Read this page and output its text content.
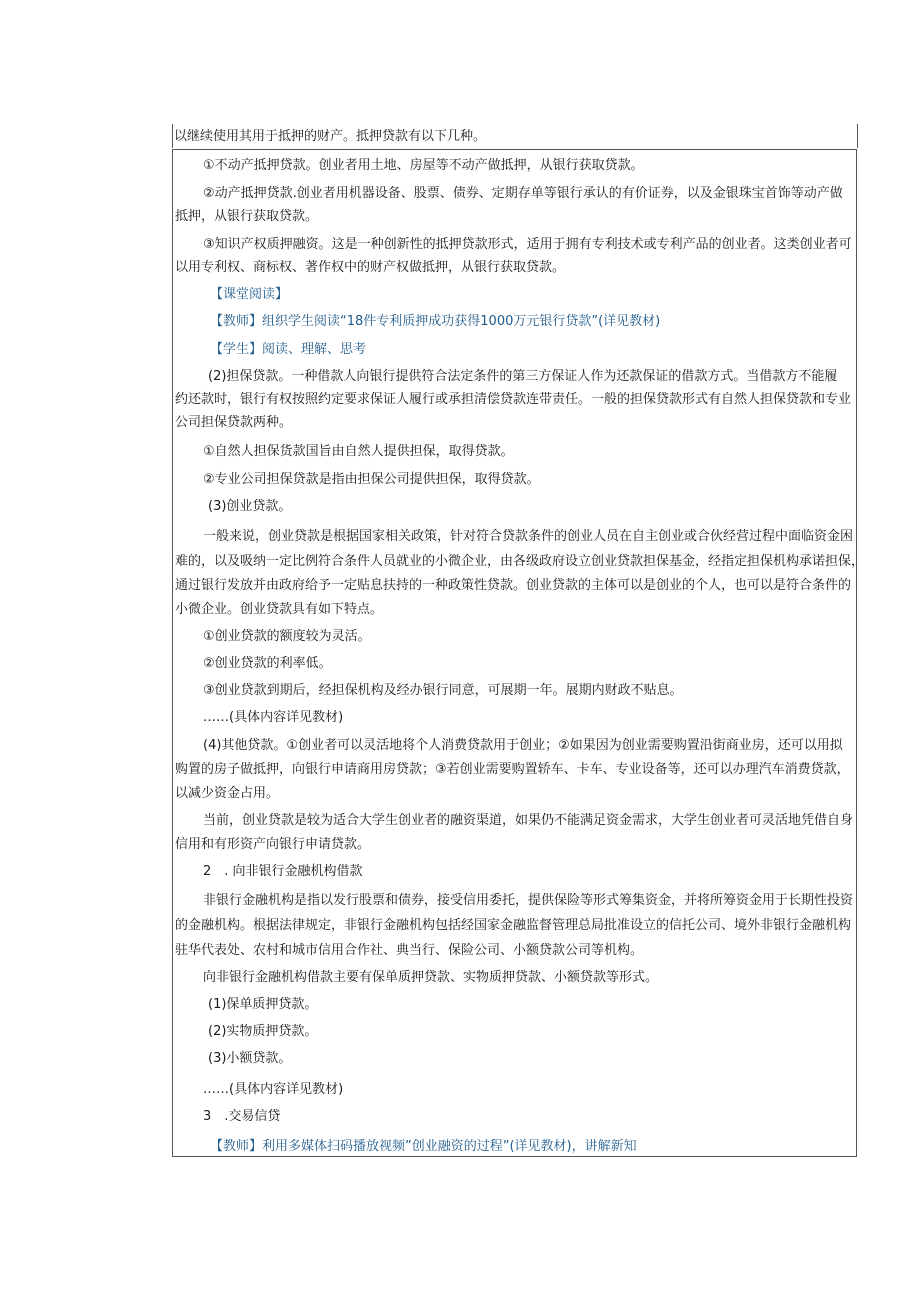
以继续使用其用于抵押的财产。抵押贷款有以下几种。
①不动产抵押贷款。创业者用土地、房屋等不动产做抵押，从银行获取贷款。
②动产抵押贷款.创业者用机器设备、股票、债券、定期存单等银行承认的有价证券，以及金银珠宝首饰等动产做
抵押，从银行获取贷款。
③知识产权质押融资。这是一种创新性的抵押贷款形式，适用于拥有专利技术或专利产品的创业者。这类创业者可
以用专利权、商标权、著作权中的财产权做抵押，从银行获取贷款。
【课堂阅读】
【教师】组织学生阅读“18件专利质押成功获得1000万元银行贷款”(详见教材)
【学生】阅读、理解、思考
(2)担保贷款。一种借款人向银行提供符合法定条件的第三方保证人作为还款保证的借款方式。当借款方不能履
约还款时，银行有权按照约定要求保证人履行或承担清偿贷款连带责任。一般的担保贷款形式有自然人担保贷款和专业
公司担保贷款两种。
①自然人担保货款国旨由自然人提供担保，取得贷款。
②专业公司担保贷款是指由担保公司提供担保，取得贷款。
(3)创业贷款。
一般来说，创业贷款是根据国家相关政策，针对符合贷款条件的创业人员在自主创业或合伙经营过程中面临资金困
难的，以及吸纳一定比例符合条件人员就业的小微企业，由各级政府设立创业贷款担保基金，经指定担保机构承诺担保，
通过银行发放并由政府给予一定贴息扶持的一种政策性贷款。创业贷款的主体可以是创业的个人，也可以是符合条件的
小微企业。创业贷款具有如下特点。
①创业贷款的额度较为灵活。
②创业贷款的利率低。
③创业贷款到期后，经担保机构及经办银行同意，可展期一年。展期内财政不贴息。
……(具体内容详见教材)
(4)其他贷款。①创业者可以灵活地将个人消费贷款用于创业；②如果因为创业需要购置沿街商业房，还可以用拟
购置的房子做抵押，向银行申请商用房贷款；③若创业需要购置轿车、卡车、专业设备等，还可以办理汽车消费贷款，
以减少资金占用。
当前，创业贷款是较为适合大学生创业者的融资渠道，如果仍不能满足资金需求，大学生创业者可灵活地凭借自身
信用和有形资产向银行申请贷款。
2　. 向非银行金融机构借款
非银行金融机构是指以发行股票和债券，接受信用委托，提供保险等形式筹集资金，并将所筹资金用于长期性投资
的金融机构。根据法律规定，非银行金融机构包括经国家金融监督管理总局批准设立的信托公司、境外非银行金融机构
驻华代表处、农村和城市信用合作社、典当行、保险公司、小额贷款公司等机构。
向非银行金融机构借款主要有保单质押贷款、实物质押贷款、小额贷款等形式。
(1)保单质押贷款。
(2)实物质押贷款。
(3)小额贷款。
……(具体内容详见教材)
3　.交易信贷
【教师】利用多媒体扫码播放视频”创业融资的过程”(详见教材)，讲解新知
